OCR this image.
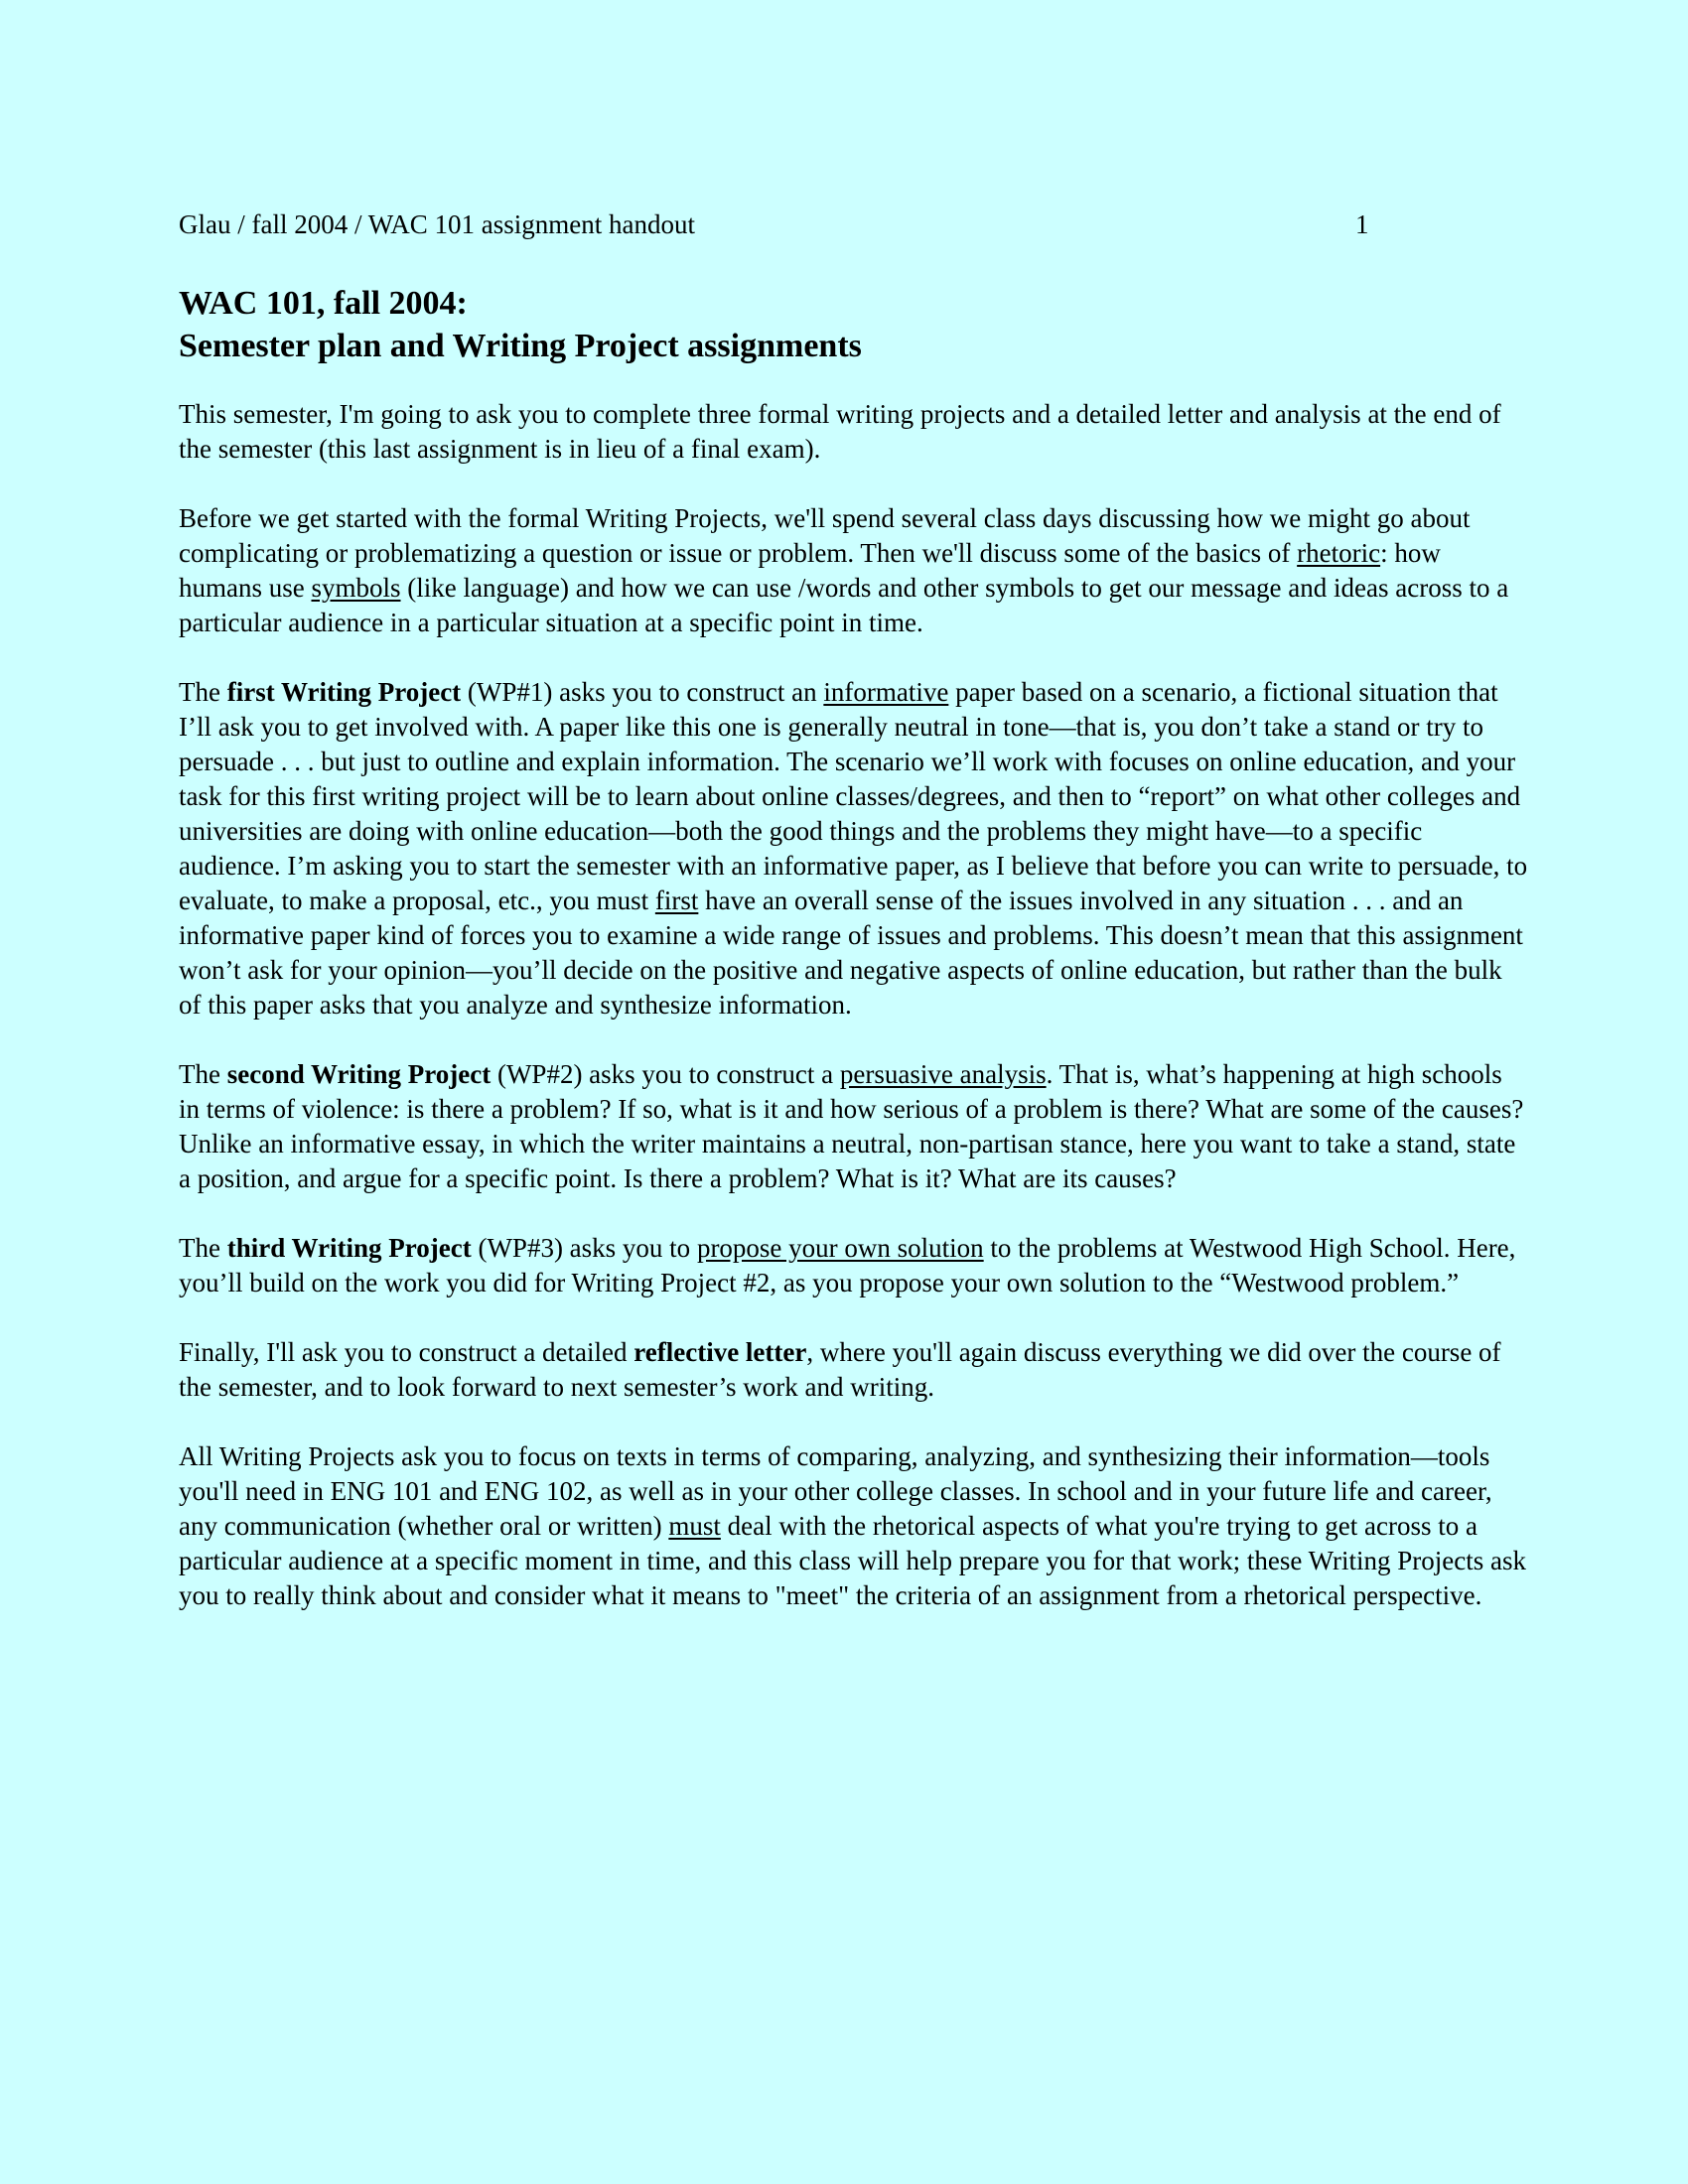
Glau / fall 2004 / WAC 101 assignment handout	1
WAC 101, fall 2004:
Semester plan and Writing Project assignments

This semester, I'm going to ask you to complete three formal writing projects and a detailed letter and analysis at the end of the semester (this last assignment is in lieu of a final exam).

Before we get started with the formal Writing Projects, we'll spend several class days discussing how we might go about complicating or problematizing a question or issue or problem. Then we'll discuss some of the basics of rhetoric: how humans use symbols (like language) and how we can use /words and other symbols to get our message and ideas across to a particular audience in a particular situation at a specific point in time.

The first Writing Project (WP#1) asks you to construct an informative paper based on a scenario, a fictional situation that I’ll ask you to get involved with. A paper like this one is generally neutral in tone—that is, you don’t take a stand or try to persuade . . . but just to outline and explain information. The scenario we’ll work with focuses on online education, and your task for this first writing project will be to learn about online classes/degrees, and then to “report” on what other colleges and universities are doing with online education—both the good things and the problems they might have—to a specific audience. I’m asking you to start the semester with an informative paper, as I believe that before you can write to persuade, to evaluate, to make a proposal, etc., you must first have an overall sense of the issues involved in any situation . . . and an informative paper kind of forces you to examine a wide range of issues and problems. This doesn’t mean that this assignment won’t ask for your opinion—you’ll decide on the positive and negative aspects of online education, but rather than the bulk of this paper asks that you analyze and synthesize information.

The second Writing Project (WP#2) asks you to construct a persuasive analysis. That is, what’s happening at high schools in terms of violence: is there a problem? If so, what is it and how serious of a problem is there? What are some of the causes? Unlike an informative essay, in which the writer maintains a neutral, non-partisan stance, here you want to take a stand, state a position, and argue for a specific point. Is there a problem? What is it? What are its causes?

The third Writing Project (WP#3) asks you to propose your own solution to the problems at Westwood High School. Here, you’ll build on the work you did for Writing Project #2, as you propose your own solution to the “Westwood problem.”

Finally, I'll ask you to construct a detailed reflective letter, where you'll again discuss everything we did over the course of the semester, and to look forward to next semester’s work and writing.

All Writing Projects ask you to focus on texts in terms of comparing, analyzing, and synthesizing their information—tools you'll need in ENG 101 and ENG 102, as well as in your other college classes. In school and in your future life and career, any communication (whether oral or written) must deal with the rhetorical aspects of what you're trying to get across to a particular audience at a specific moment in time, and this class will help prepare you for that work; these Writing Projects ask you to really think about and consider what it means to "meet" the criteria of an assignment from a rhetorical perspective.
